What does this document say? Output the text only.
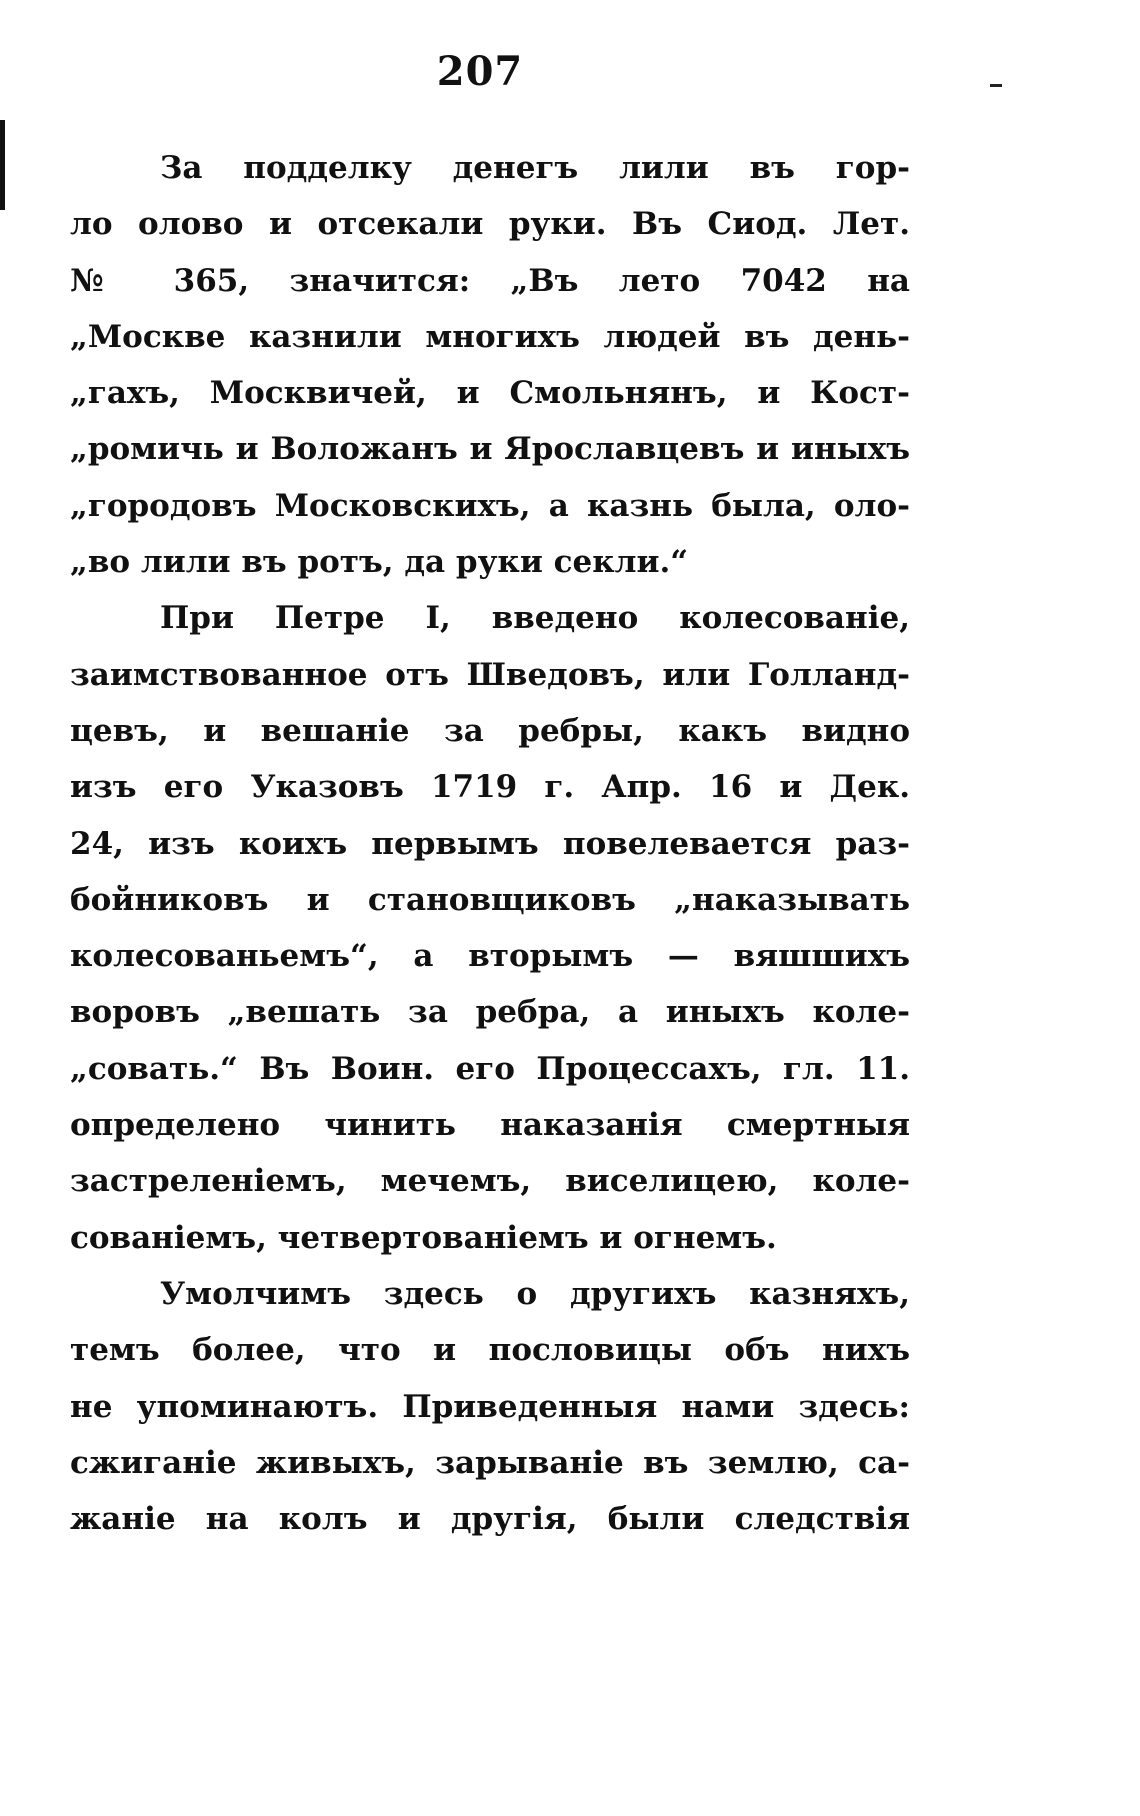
207
За подделку денегъ лили въ гор-
ло олово и отсекали руки. Въ Сиод. Лет.
№ 365, значится: „Въ лето 7042 на
„Москве казнили многихъ людей въ день-
„гахъ, Москвичей, и Смольнянъ, и Кост-
„ромичь и Воложанъ и Ярославцевъ и иныхъ
„городовъ Московскихъ, а казнь была, оло-
„во лили въ ротъ, да руки секли.“
При Петре I, введено колесованіе,
заимствованное отъ Шведовъ, или Голланд-
цевъ, и вешаніе за ребры, какъ видно
изъ его Указовъ 1719 г. Апр. 16 и Дек.
24, изъ коихъ первымъ повелевается раз-
бойниковъ и становщиковъ „наказывать
колесованьемъ“, а вторымъ — вяшшихъ
воровъ „вешать за ребра, а иныхъ коле-
„совать.“ Въ Воин. его Процессахъ, гл. 11.
определено чинить наказанія смертныя
застреленіемъ, мечемъ, виселицею, коле-
сованіемъ, четвертованіемъ и огнемъ.
Умолчимъ здесь о другихъ казняхъ,
темъ более, что и пословицы объ нихъ
не упоминаютъ. Приведенныя нами здесь:
сжиганіе живыхъ, зарываніе въ землю, са-
жаніе на колъ и другія, были следствія
